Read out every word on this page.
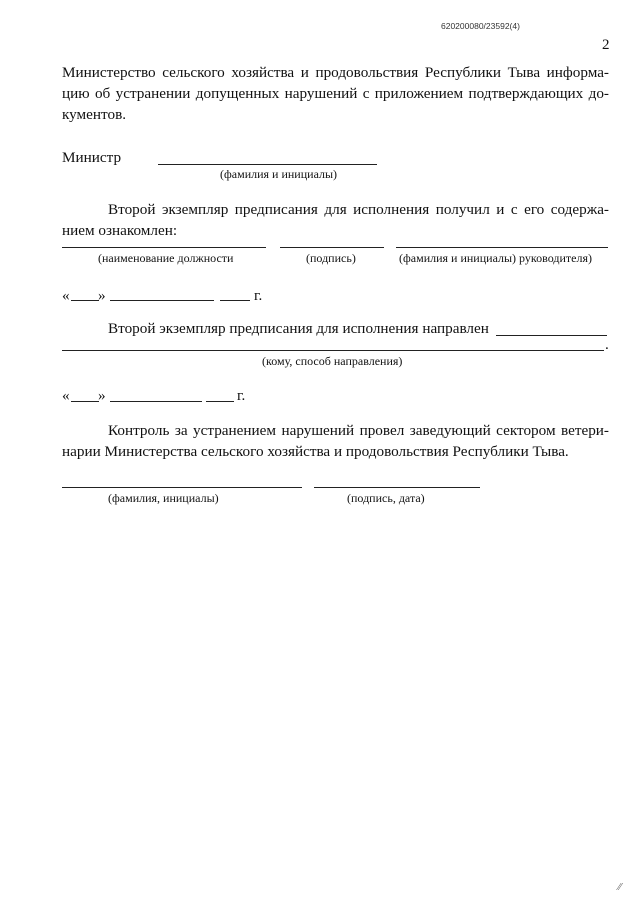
620200080/23592(4)
2
Министерство сельского хозяйства и продовольствия Республики Тыва информа-
цию об устранении допущенных нарушений с приложением подтверждающих до-
кументов.
Министр
(фамилия и инициалы)
Второй экземпляр предписания для исполнения получил и с его содержа-
нием ознакомлен:
(наименование должности	(подпись)	(фамилия и инициалы) руководителя)
« »	г.
Второй экземпляр предписания для исполнения направлен
.
(кому, способ направления)
« »	г.
Контроль за устранением нарушений провел заведующий сектором ветери-
нарии Министерства сельского хозяйства и продовольствия Республики Тыва.
(фамилия, инициалы)	(подпись, дата)
⁄⁄
